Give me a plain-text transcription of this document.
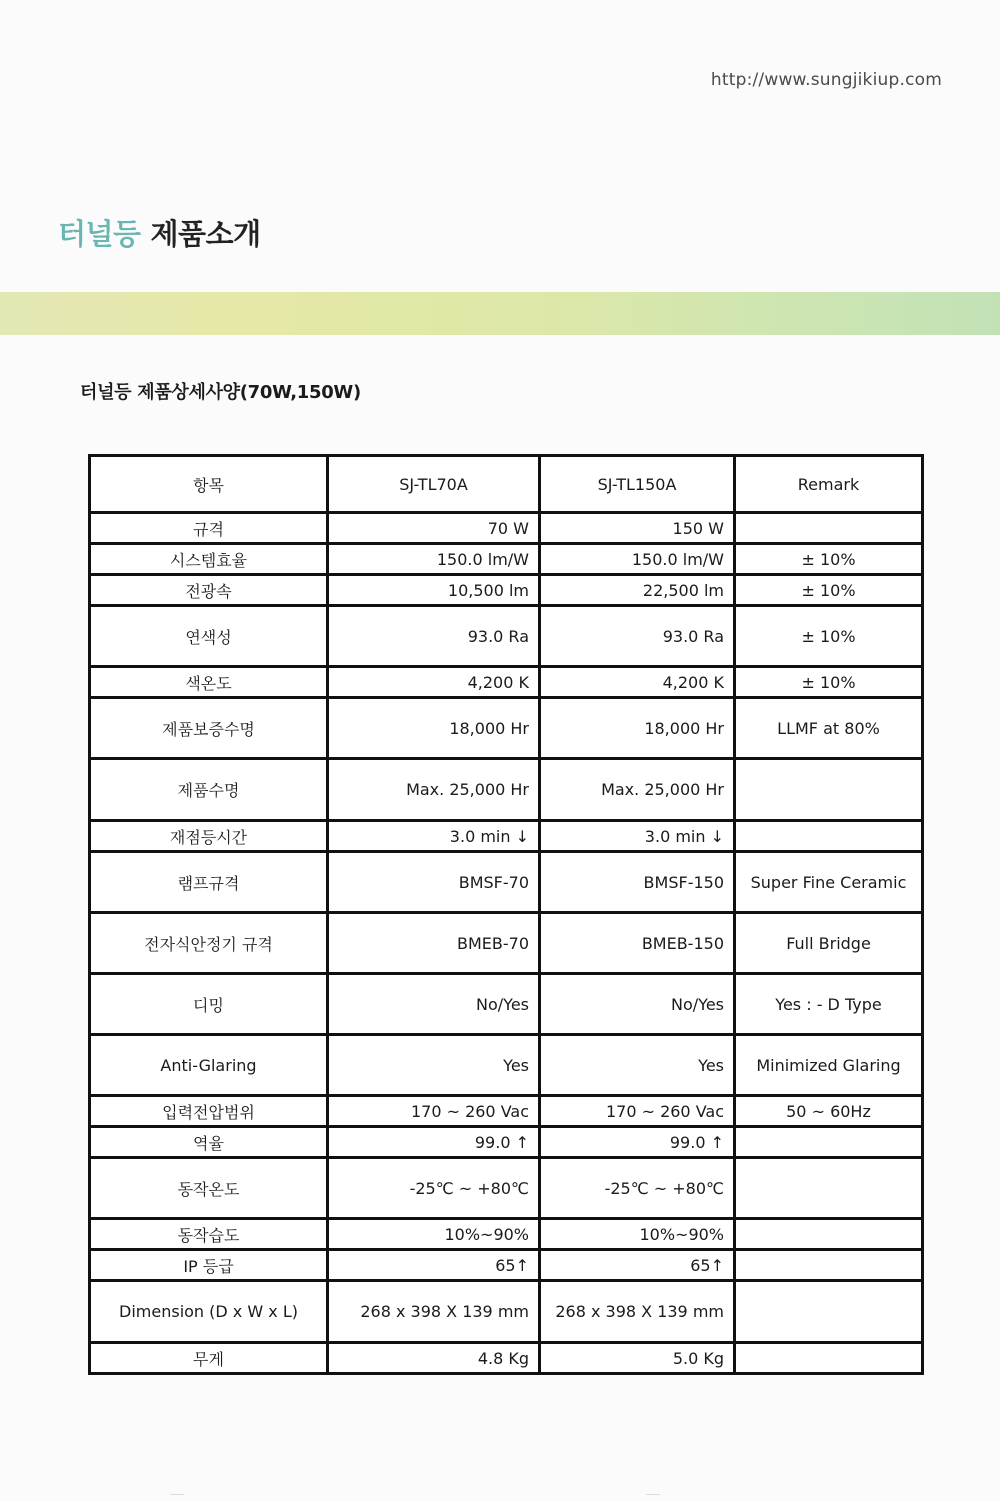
http://www.sungjikiup.com
터널등 제품소개
터널등 제품상세사양(70W,150W)
항목	SJ-TL70A	SJ-TL150A	Remark
규격	70 W	150 W	
시스템효율	150.0 lm/W	150.0 lm/W	± 10%
전광속	10,500 lm	22,500 lm	± 10%
연색성	93.0 Ra	93.0 Ra	± 10%
색온도	4,200 K	4,200 K	± 10%
제품보증수명	18,000 Hr	18,000 Hr	LLMF at 80%
제품수명	Max. 25,000 Hr	Max. 25,000 Hr	
재점등시간	3.0 min ↓	3.0 min ↓	
램프규격	BMSF-70	BMSF-150	Super Fine Ceramic
전자식안정기 규격	BMEB-70	BMEB-150	Full Bridge
디밍	No/Yes	No/Yes	Yes : - D Type
Anti-Glaring	Yes	Yes	Minimized Glaring
입력전압범위	170 ~ 260 Vac	170 ~ 260 Vac	50 ~ 60Hz
역율	99.0 ↑	99.0 ↑	
동작온도	-25℃ ~ +80℃	-25℃ ~ +80℃	
동작습도	10%~90%	10%~90%	
IP 등급	65↑	65↑	
Dimension (D x W x L)	268 x 398 X 139 mm	268 x 398 X 139 mm	
무게	4.8 Kg	5.0 Kg	
